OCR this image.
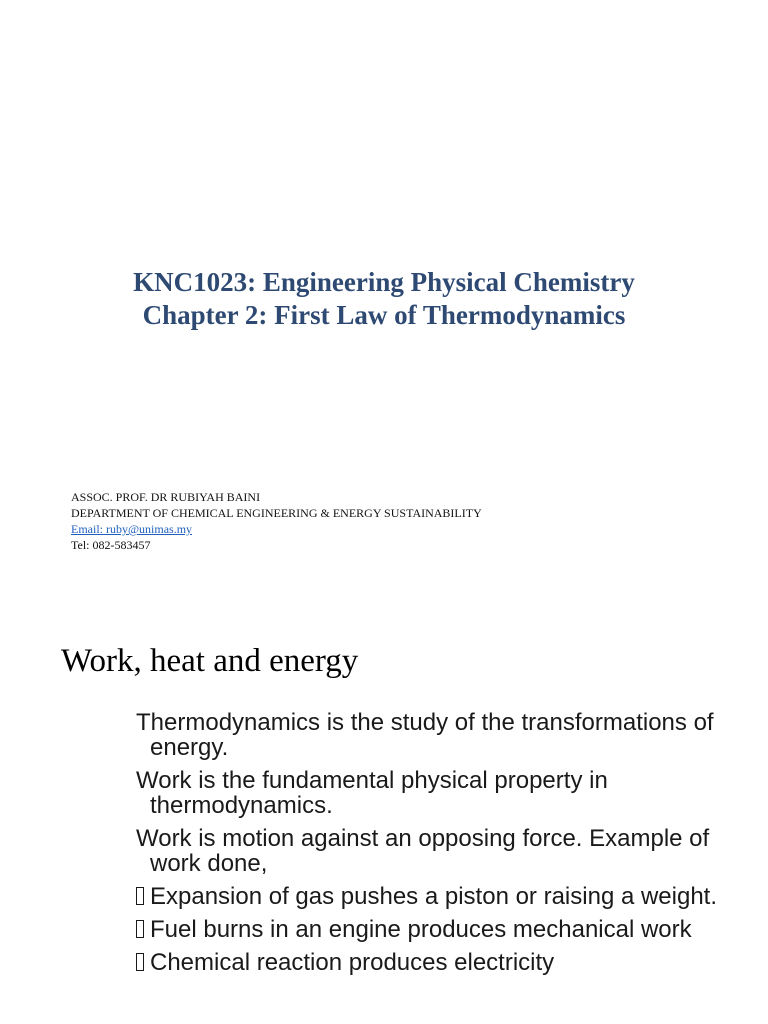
KNC1023: Engineering Physical Chemistry
Chapter 2: First Law of Thermodynamics
ASSOC. PROF. DR RUBIYAH BAINI
DEPARTMENT OF CHEMICAL ENGINEERING & ENERGY SUSTAINABILITY
Email: ruby@unimas.my
Tel: 082-583457
Work, heat and energy

Thermodynamics is the study of the transformations of energy.

Work is the fundamental physical property in thermodynamics.

Work is motion against an opposing force. Example of work done,

Expansion of gas pushes a piston or raising a weight.
Fuel burns in an engine produces mechanical work
Chemical reaction produces electricity
